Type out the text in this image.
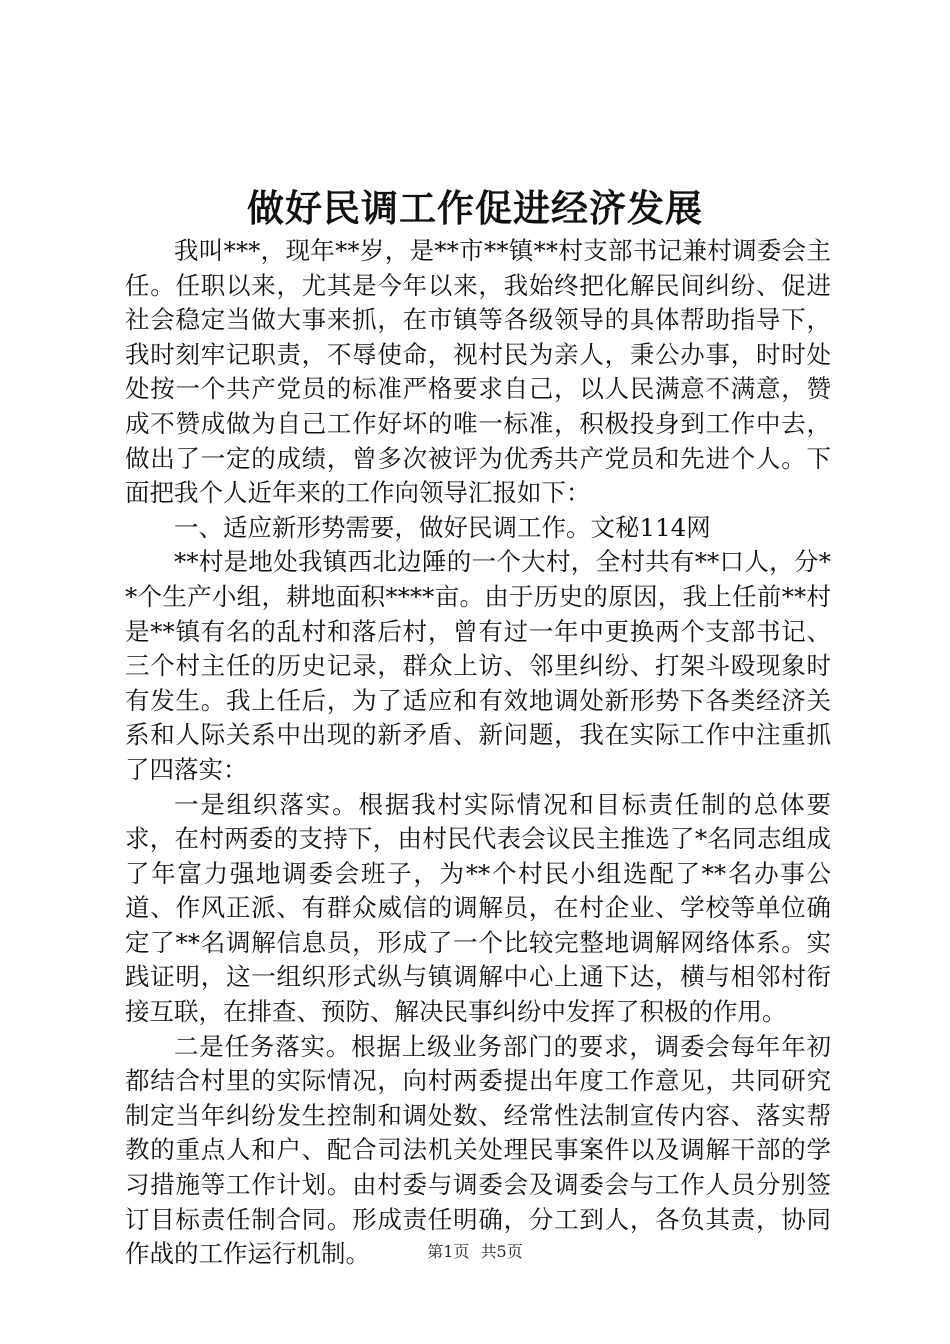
做好民调工作促进经济发展

我叫***，现年**岁，是**市**镇**村支部书记兼村调委会主任。任职以来，尤其是今年以来，我始终把化解民间纠纷、促进社会稳定当做大事来抓，在市镇等各级领导的具体帮助指导下，我时刻牢记职责，不辱使命，视村民为亲人，秉公办事，时时处处按一个共产党员的标准严格要求自己，以人民满意不满意，赞成不赞成做为自己工作好坏的唯一标准，积极投身到工作中去，做出了一定的成绩，曾多次被评为优秀共产党员和先进个人。下面把我个人近年来的工作向领导汇报如下：

一、适应新形势需要，做好民调工作。文秘114网

**村是地处我镇西北边陲的一个大村，全村共有**口人，分**个生产小组，耕地面积****亩。由于历史的原因，我上任前**村是**镇有名的乱村和落后村，曾有过一年中更换两个支部书记、三个村主任的历史记录，群众上访、邻里纠纷、打架斗殴现象时有发生。我上任后，为了适应和有效地调处新形势下各类经济关系和人际关系中出现的新矛盾、新问题，我在实际工作中注重抓了四落实：

一是组织落实。根据我村实际情况和目标责任制的总体要求，在村两委的支持下，由村民代表会议民主推选了*名同志组成了年富力强地调委会班子，为**个村民小组选配了**名办事公道、作风正派、有群众威信的调解员，在村企业、学校等单位确定了**名调解信息员，形成了一个比较完整地调解网络体系。实践证明，这一组织形式纵与镇调解中心上通下达，横与相邻村衔接互联，在排查、预防、解决民事纠纷中发挥了积极的作用。

二是任务落实。根据上级业务部门的要求，调委会每年年初都结合村里的实际情况，向村两委提出年度工作意见，共同研究制定当年纠纷发生控制和调处数、经常性法制宣传内容、落实帮教的重点人和户、配合司法机关处理民事案件以及调解干部的学习措施等工作计划。由村委与调委会及调委会与工作人员分别签订目标责任制合同。形成责任明确，分工到人，各负其责，协同作战的工作运行机制。	第1页 共5页
